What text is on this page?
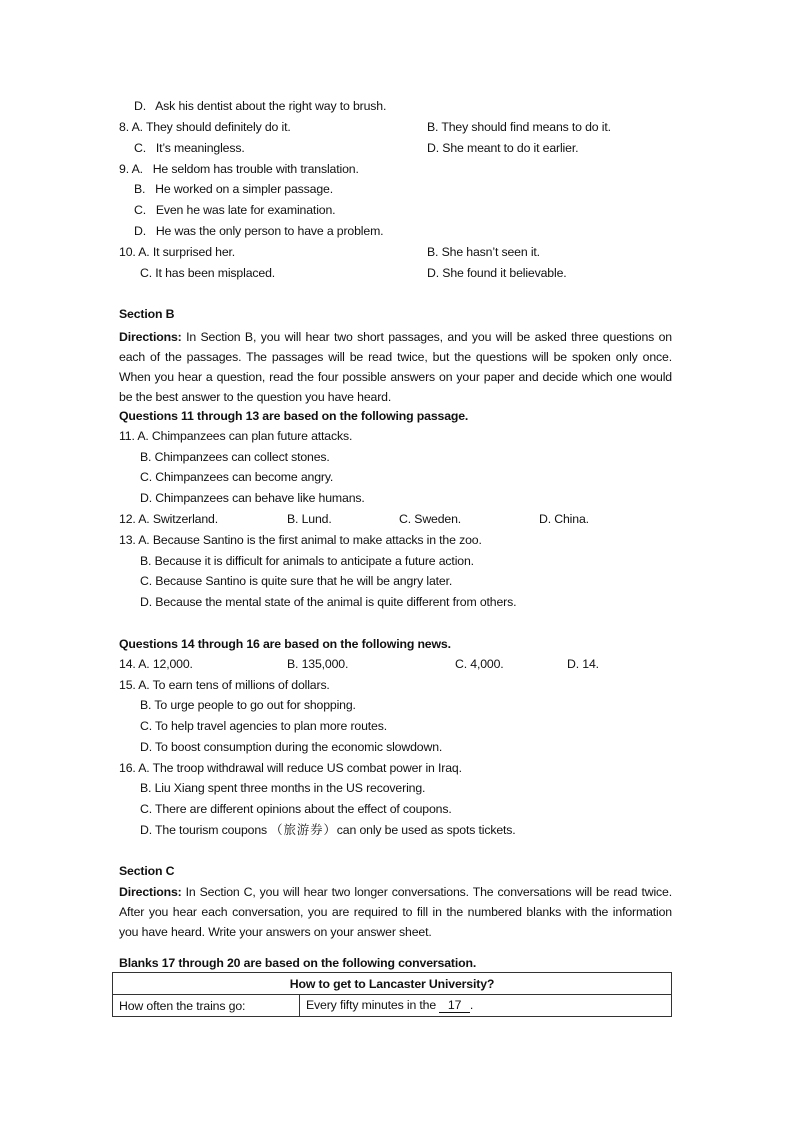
D. Ask his dentist about the right way to brush.
8. A. They should definitely do it.	B. They should find means to do it.
C. It’s meaningless.	D. She meant to do it earlier.
9. A. He seldom has trouble with translation.
B. He worked on a simpler passage.
C. Even he was late for examination.
D. He was the only person to have a problem.
10. A. It surprised her.	B. She hasn’t seen it.
C. It has been misplaced.	D. She found it believable.
Section B
Directions: In Section B, you will hear two short passages, and you will be asked three questions on each of the passages. The passages will be read twice, but the questions will be spoken only once. When you hear a question, read the four possible answers on your paper and decide which one would be the best answer to the question you have heard.
Questions 11 through 13 are based on the following passage.
11. A. Chimpanzees can plan future attacks.
B. Chimpanzees can collect stones.
C. Chimpanzees can become angry.
D. Chimpanzees can behave like humans.
12. A. Switzerland.	B. Lund.	C. Sweden.	D. China.
13. A. Because Santino is the first animal to make attacks in the zoo.
B. Because it is difficult for animals to anticipate a future action.
C. Because Santino is quite sure that he will be angry later.
D. Because the mental state of the animal is quite different from others.
Questions 14 through 16 are based on the following news.
14. A. 12,000.	B. 135,000.	C. 4,000.	D. 14.
15. A. To earn tens of millions of dollars.
B. To urge people to go out for shopping.
C. To help travel agencies to plan more routes.
D. To boost consumption during the economic slowdown.
16. A. The troop withdrawal will reduce US combat power in Iraq.
B. Liu Xiang spent three months in the US recovering.
C. There are different opinions about the effect of coupons.
D. The tourism coupons （旅游券）can only be used as spots tickets.
Section C
Directions: In Section C, you will hear two longer conversations. The conversations will be read twice. After you hear each conversation, you are required to fill in the numbered blanks with the information you have heard. Write your answers on your answer sheet.
Blanks 17 through 20 are based on the following conversation.
How to get to Lancaster University?
How often the trains go:	Every fifty minutes in the   17 .
